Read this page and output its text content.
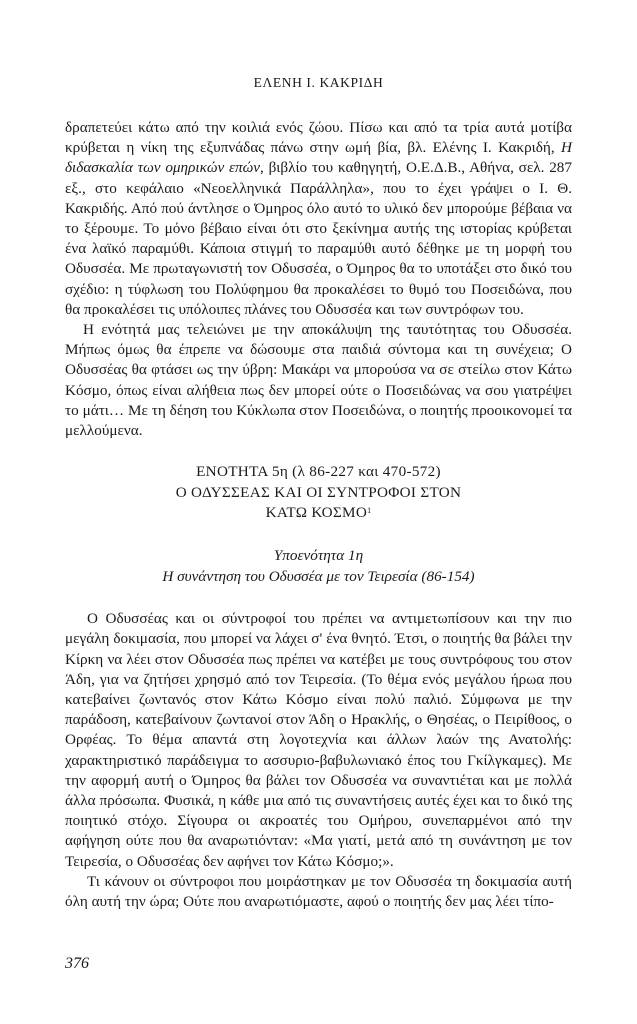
ΕΛΕΝΗ Ι. ΚΑΚΡΙΔΗ

δραπετεύει κάτω από την κοιλιά ενός ζώου. Πίσω και από τα τρία αυτά μοτίβα κρύβεται η νίκη της εξυπνάδας πάνω στην ωμή βία, βλ. Ελένης Ι. Κακριδή, Η διδασκαλία των ομηρικών επών, βιβλίο του καθηγητή, Ο.Ε.Δ.Β., Αθήνα, σελ. 287 εξ., στο κεφάλαιο «Νεοελληνικά Παράλληλα», που το έχει γράψει ο Ι. Θ. Κακριδής. Από πού άντλησε ο Όμηρος όλο αυτό το υλικό δεν μπορούμε βέβαια να το ξέρουμε. Το μόνο βέβαιο είναι ότι στο ξεκίνημα αυτής της ιστορίας κρύβεται ένα λαϊκό παραμύθι. Κάποια στιγμή το παραμύθι αυτό δέθηκε με τη μορφή του Οδυσσέα. Με πρωταγωνιστή τον Οδυσσέα, ο Όμηρος θα το υποτάξει στο δικό του σχέδιο: η τύφλωση του Πολύφημου θα προκαλέσει το θυμό του Ποσειδώνα, που θα προκαλέσει τις υπόλοιπες πλάνες του Οδυσσέα και των συντρόφων του.

Η ενότητά μας τελειώνει με την αποκάλυψη της ταυτότητας του Οδυσσέα. Μήπως όμως θα έπρεπε να δώσουμε στα παιδιά σύντομα και τη συνέχεια; Ο Οδυσσέας θα φτάσει ως την ύβρη: Μακάρι να μπορούσα να σε στείλω στον Κάτω Κόσμο, όπως είναι αλήθεια πως δεν μπορεί ούτε ο Ποσειδώνας να σου γιατρέψει το μάτι… Με τη δέηση του Κύκλωπα στον Ποσειδώνα, ο ποιητής προοικονομεί τα μελλούμενα.

ΕΝΟΤΗΤΑ 5η (λ 86-227 και 470-572)
Ο ΟΔΥΣΣΕΑΣ ΚΑΙ ΟΙ ΣΥΝΤΡΟΦΟΙ ΣΤΟΝ
ΚΑΤΩ ΚΟΣΜΟ$^1$
Υποενότητα 1η
Η συνάντηση του Οδυσσέα με τον Τειρεσία (86-154)

Ο Οδυσσέας και οι σύντροφοί του πρέπει να αντιμετωπίσουν και την πιο μεγάλη δοκιμασία, που μπορεί να λάχει σ' ένα θνητό. Έτσι, ο ποιητής θα βάλει την Κίρκη να λέει στον Οδυσσέα πως πρέπει να κατέβει με τους συντρόφους του στον Άδη, για να ζητήσει χρησμό από τον Τειρεσία. (Το θέμα ενός μεγάλου ήρωα που κατεβαίνει ζωντανός στον Κάτω Κόσμο είναι πολύ παλιό. Σύμφωνα με την παράδοση, κατεβαίνουν ζωντανοί στον Άδη ο Ηρακλής, ο Θησέας, ο Πειρίθοος, ο Ορφέας. Το θέμα απαντά στη λογοτεχνία και άλλων λαών της Ανατολής: χαρακτηριστικό παράδειγμα το ασσυριο-βαβυλωνιακό έπος του Γκίλγκαμες). Με την αφορμή αυτή ο Όμηρος θα βάλει τον Οδυσσέα να συναντιέται και με πολλά άλλα πρόσωπα. Φυσικά, η κάθε μια από τις συναντήσεις αυτές έχει και το δικό της ποιητικό στόχο. Σίγουρα οι ακροατές του Ομήρου, συνεπαρμένοι από την αφήγηση ούτε που θα αναρωτιόνταν: «Μα γιατί, μετά από τη συνάντηση με τον Τειρεσία, ο Οδυσσέας δεν αφήνει τον Κάτω Κόσμο;».

Τι κάνουν οι σύντροφοι που μοιράστηκαν με τον Οδυσσέα τη δοκιμασία αυτή όλη αυτή την ώρα; Ούτε που αναρωτιόμαστε, αφού ο ποιητής δεν μας λέει τίπο-

376
